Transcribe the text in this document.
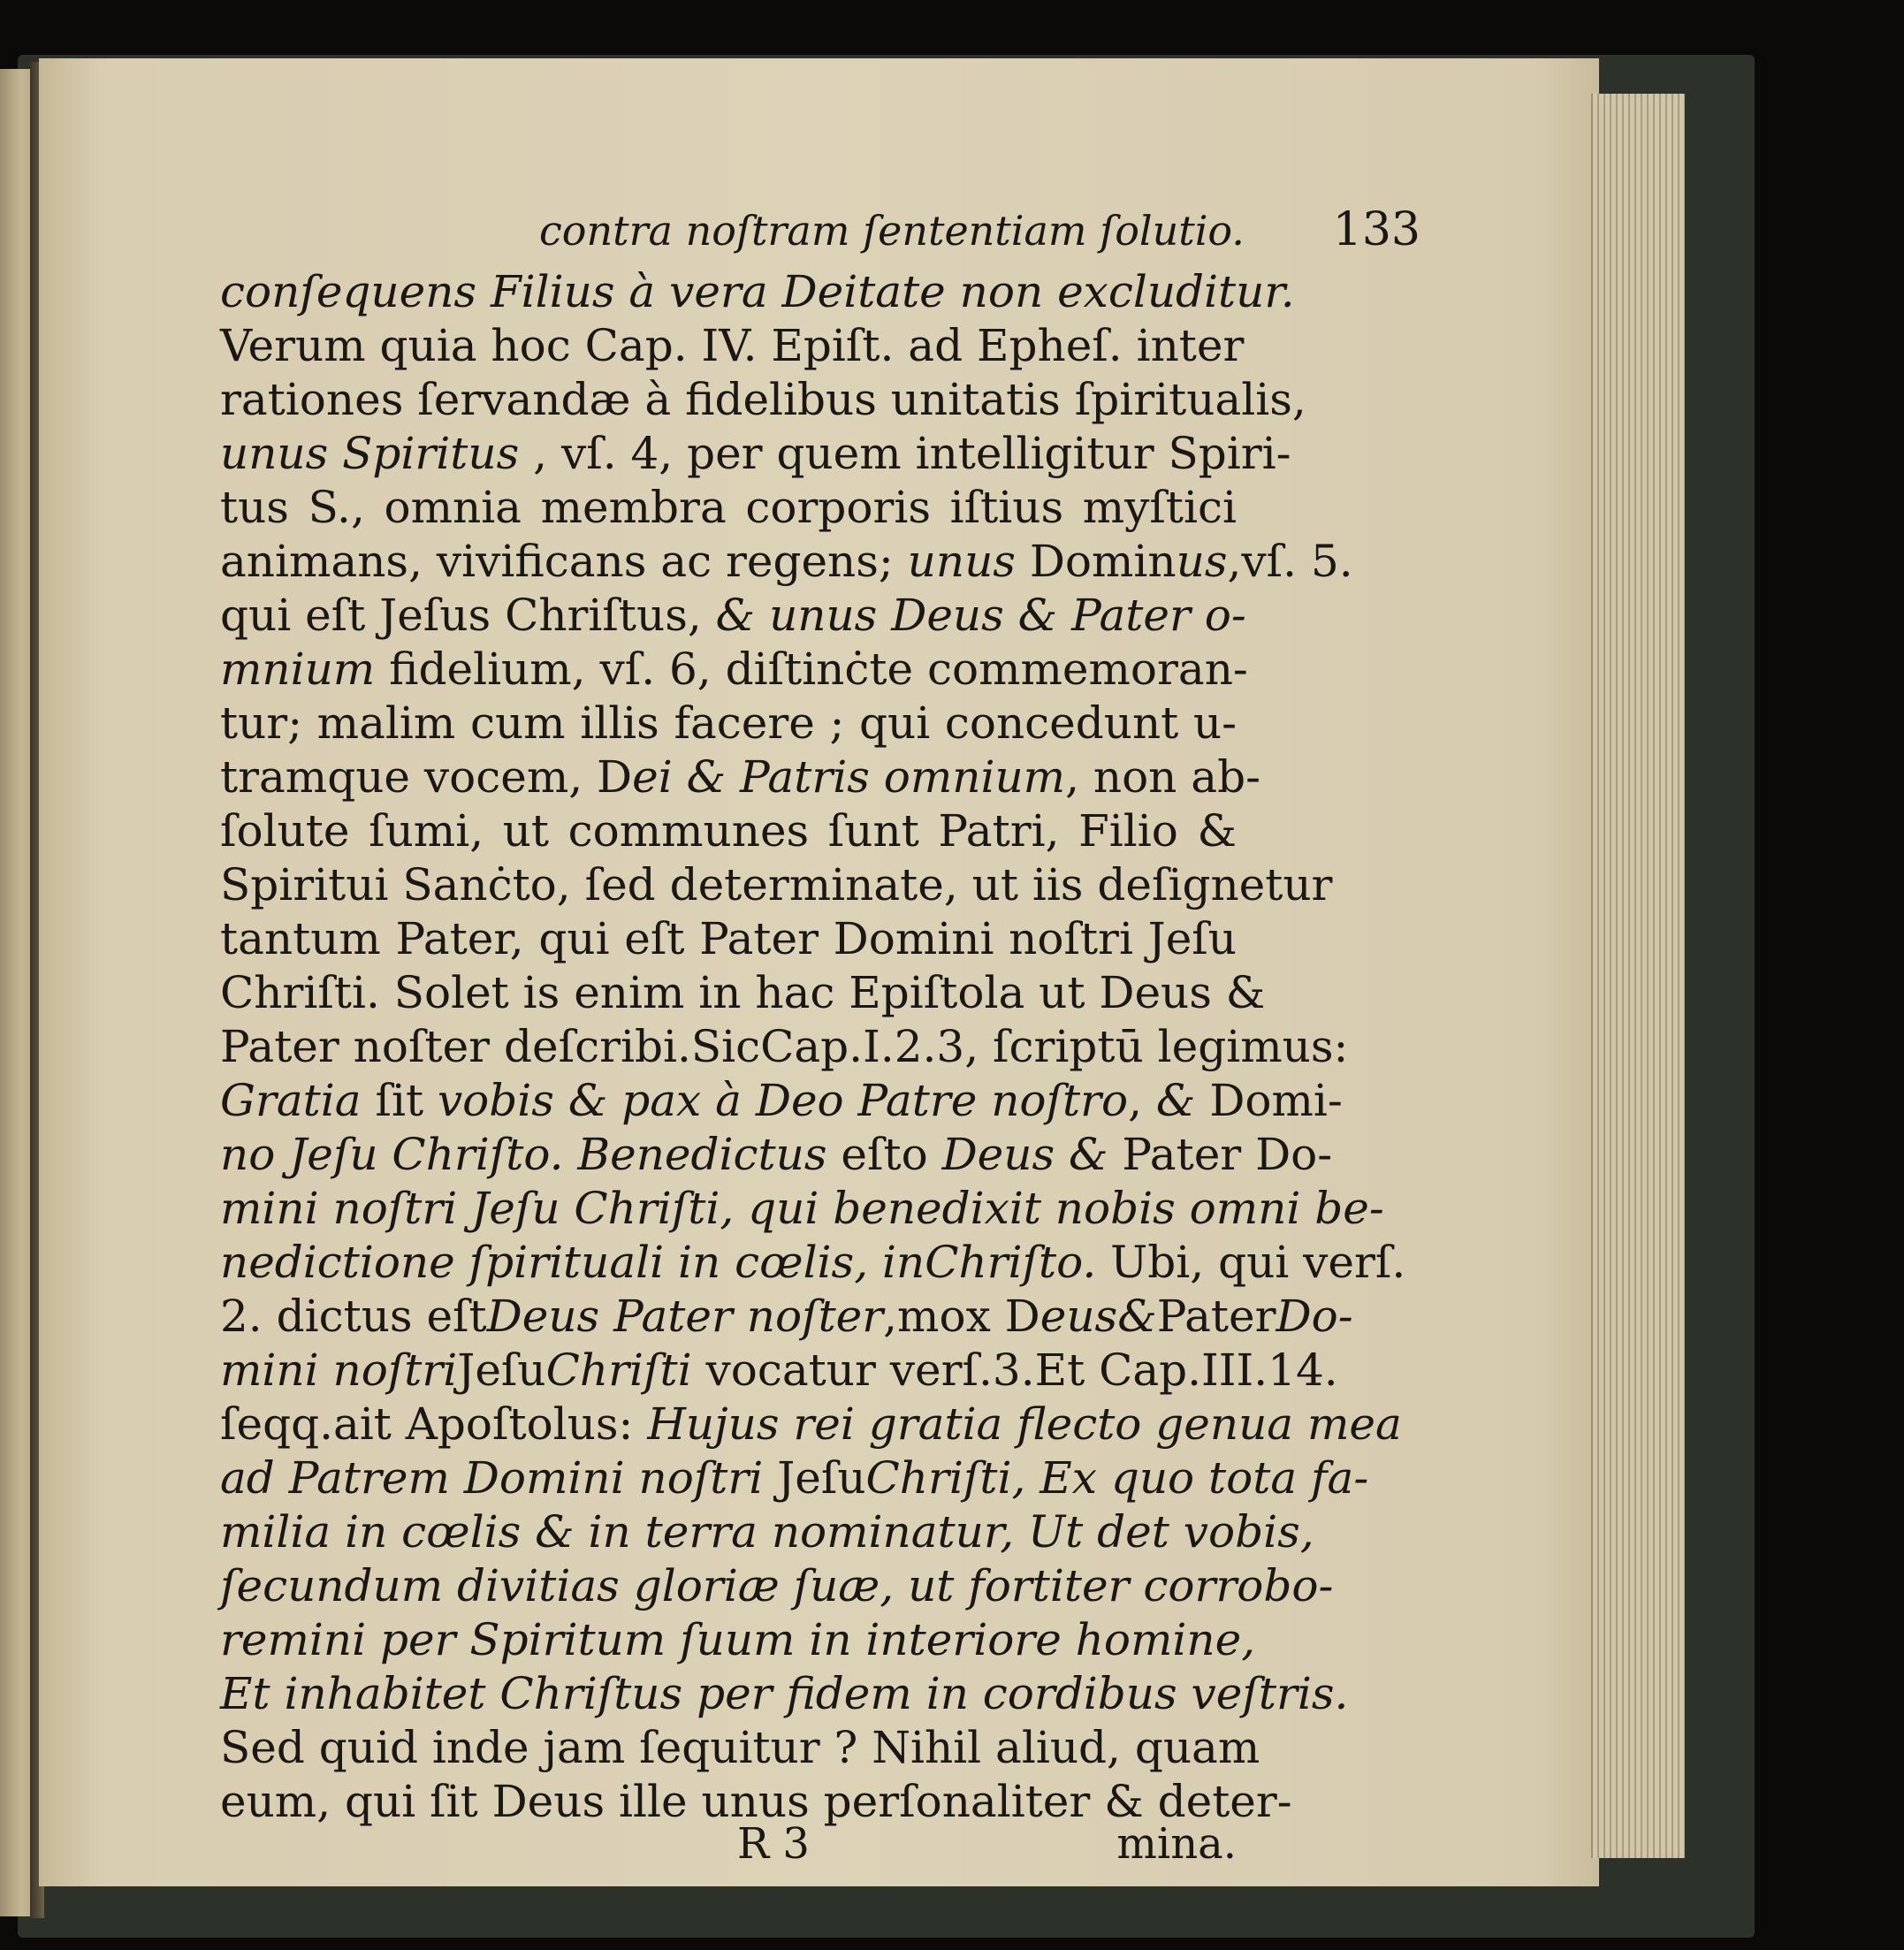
contra noſtram ſententiam ſolutio. 133
conſequens Filius à vera Deitate non excluditur.
Verum quia hoc Cap. IV. Epiſt. ad Epheſ. inter
rationes ſervandæ à fidelibus unitatis ſpiritualis,
unus Spiritus , vſ. 4, per quem intelligitur Spiri-
tus S., omnia membra corporis iſtius myſtici
animans, vivificans ac regens; unus Dominus,vſ. 5.
qui eſt Jeſus Chriſtus, & unus Deus & Pater o-
mnium fidelium, vſ. 6, diſtinċte commemoran-
tur; malim cum illis facere ; qui concedunt u-
tramque vocem, Dei & Patris omnium, non ab-
ſolute ſumi, ut communes ſunt Patri, Filio &
Spiritui Sanċto, ſed determinate, ut iis deſignetur
tantum Pater, qui eſt Pater Domini noſtri Jeſu
Chriſti. Solet is enim in hac Epiſtola ut Deus &
Pater noſter deſcribi.SicCap.I.2.3, ſcriptū legimus:
Gratia ſit vobis & pax à Deo Patre noſtro, & Domi-
no Jeſu Chriſto. Benedictus eſto Deus & Pater Do-
mini noſtri Jeſu Chriſti, qui benedixit nobis omni be-
nedictione ſpirituali in cœlis, inChriſto. Ubi, qui verſ.
2. dictus eſtDeus Pater noſter,mox Deus&PaterDo-
mini noſtriJeſuChriſti vocatur verſ.3.Et Cap.III.14.
ſeqq.ait Apoſtolus: Hujus rei gratia flecto genua mea
ad Patrem Domini noſtri JeſuChriſti, Ex quo tota fa-
milia in cœlis & in terra nominatur, Ut det vobis,
ſecundum divitias gloriæ ſuæ, ut fortiter corrobo-
remini per Spiritum ſuum in interiore homine,
Et inhabitet Chriſtus per fidem in cordibus veſtris.
Sed quid inde jam ſequitur ? Nihil aliud, quam
eum, qui ſit Deus ille unus perſonaliter & deter-
R 3	mina.
